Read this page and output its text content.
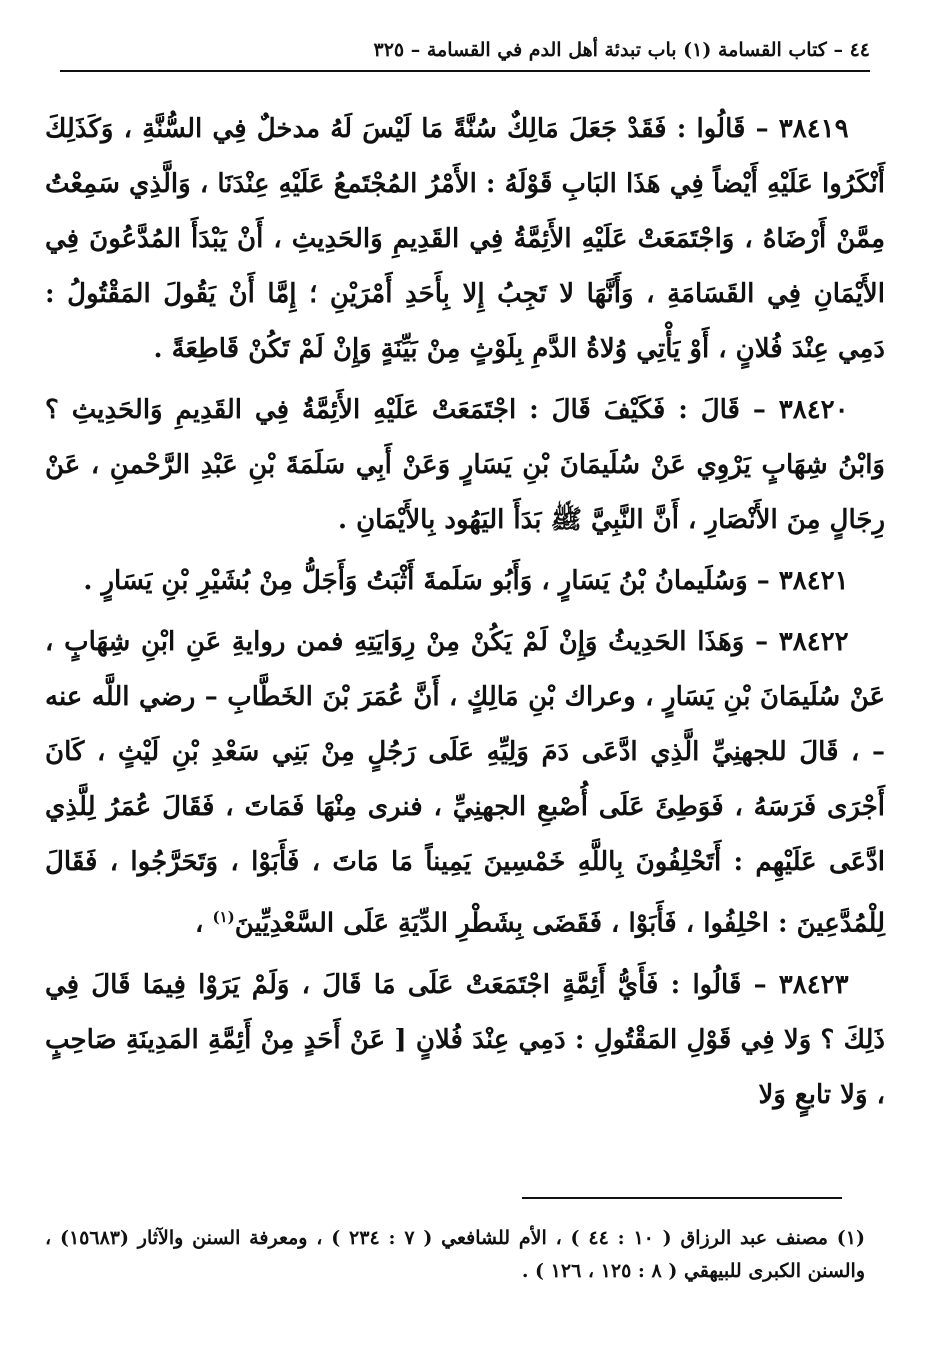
٤٤ – كتاب القسامة (١) باب تبدئة أهل الدم في القسامة – ٣٢٥

٣٨٤١٩ – قَالُوا : فَقَدْ جَعَلَ مَالِكٌ سُنَّةً مَا لَيْسَ لَهُ مدخلٌ فِي السُّنَّةِ ، وَكَذَلِكَ أَنْكَرُوا عَلَيْهِ أَيْضاً فِي هَذَا البَابِ قَوْلَهُ : الأَمْرُ المُجْتَمعُ عَلَيْهِ عِنْدَنَا ، وَالَّذِي سَمِعْتُ مِمَّنْ أَرْضَاهُ ، وَاجْتَمَعَتْ عَلَيْهِ الأَئِمَّةُ فِي القَدِيمِ وَالحَدِيثِ ، أَنْ يَبْدَأَ المُدَّعُونَ فِي الأَيْمَانِ فِي القَسَامَةِ ، وَأَنَّهَا لا تَجِبُ إِلا بِأَحَدِ أَمْرَيْنِ ؛ إِمَّا أَنْ يَقُولَ المَقْتُولُ : دَمِي عِنْدَ فُلانٍ ، أَوْ يَأْتِي وُلاةُ الدَّمِ بِلَوْثٍ مِنْ بَيِّنَةٍ وَإِنْ لَمْ تَكُنْ قَاطِعَةً .

٣٨٤٢٠ – قَالَ : فَكَيْفَ قَالَ : اجْتَمَعَتْ عَلَيْهِ الأَئِمَّةُ فِي القَدِيمِ وَالحَدِيثِ ؟ وَابْنُ شِهَابٍ يَرْوِي عَنْ سُلَيمَانَ بْنِ يَسَارٍ وَعَنْ أَبِي سَلَمَةَ بْنِ عَبْدِ الرَّحْمنِ ، عَنْ رِجَالٍ مِنَ الأَنْصَارِ ، أَنَّ النَّبِيَّ ﷺ بَدَأَ اليَهُود بِالأَيْمَانِ .

٣٨٤٢١ – وَسُلَيمانُ بْنُ يَسَارٍ ، وَأَبُو سَلَمةَ أَثْبَتُ وَأَجَلُّ مِنْ بُشَيْرِ بْنِ يَسَارٍ .

٣٨٤٢٢ – وَهَذَا الحَدِيثُ وَإِنْ لَمْ يَكُنْ مِنْ رِوَايَتِهِ فمن روايةِ عَنِ ابْنِ شِهَابٍ ، عَنْ سُلَيمَانَ بْنِ يَسَارٍ ، وعراك بْنِ مَالِكٍ ، أَنَّ عُمَرَ بْنَ الخَطَّابِ – رضي اللَّه عنه – ، قَالَ للجهنِيِّ الَّذِي ادَّعَى دَمَ وَلِيِّهِ عَلَى رَجُلٍ مِنْ بَنِي سَعْدِ بْنِ لَيْثٍ ، كَانَ أَجْرَى فَرَسَهُ ، فَوَطِئَ عَلَى أُصْبعِ الجهنِيِّ ، فنرى مِنْهَا فَمَاتَ ، فَقَالَ عُمَرُ لِلَّذِي ادَّعَى عَلَيْهِم : أَتَحْلِفُونَ بِاللَّهِ خَمْسِينَ يَمِيناً مَا مَاتَ ، فَأَبَوْا ، وَتَحَرَّجُوا ، فَقَالَ لِلْمُدَّعِينَ : احْلِفُوا ، فَأَبَوْا ، فَقَضَى بِشَطْرِ الدِّيَةِ عَلَى السَّعْدِيِّينَ$^{(١)}$ ،

٣٨٤٢٣ – قَالُوا : فَأَيُّ أَئِمَّةٍ اجْتَمَعَتْ عَلَى مَا قَالَ ، وَلَمْ يَرَوْا فِيمَا قَالَ فِي ذَلِكَ ؟ وَلا فِي قَوْلِ المَقْتُولِ : دَمِي عِنْدَ فُلانٍ [ عَنْ أَحَدٍ مِنْ أَئِمَّةِ المَدِينَةِ صَاحِبٍ ، وَلا تابعٍ وَلا

(١) مصنف عبد الرزاق ( ١٠ : ٤٤ ) ، الأم للشافعي ( ٧ : ٢٣٤ ) ، ومعرفة السنن والآثار (١٥٦٨٣) ، والسنن الكبرى للبيهقي ( ٨ : ١٢٥ ، ١٢٦ ) .
